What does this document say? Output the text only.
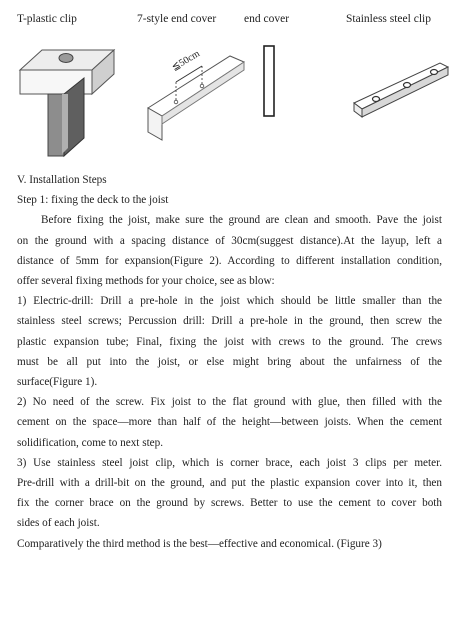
T-plastic clip	7-style end cover end cover	Stainless steel clip
≦50cm
V. Installation Steps
Step 1: fixing the deck to the joist
Before fixing the joist, make sure the ground are clean and smooth. Pave the joist
on the ground with a spacing distance of 30cm(suggest distance).At the layup, left a
distance of 5mm for expansion(Figure 2). According to different installation condition,
offer several fixing methods for your choice, see as blow:
1) Electric-drill: Drill a pre-hole in the joist which should be little smaller than the
stainless steel screws; Percussion drill: Drill a pre-hole in the ground, then screw the
plastic expansion tube; Final, fixing the joist with crews to the ground. The crews
must be all put into the joist, or else might bring about the unfairness of the
surface(Figure 1).
2) No need of the screw. Fix joist to the flat ground with glue, then filled with the
cement on the space—more than half of the height—between joists. When the cement
solidification, come to next step.
3) Use stainless steel joist clip, which is corner brace, each joist 3 clips per meter.
Pre-drill with a drill-bit on the ground, and put the plastic expansion cover into it, then
fix the corner brace on the ground by screws. Better to use the cement to cover both
sides of each joist.
Comparatively the third method is the best—effective and economical. (Figure 3)
